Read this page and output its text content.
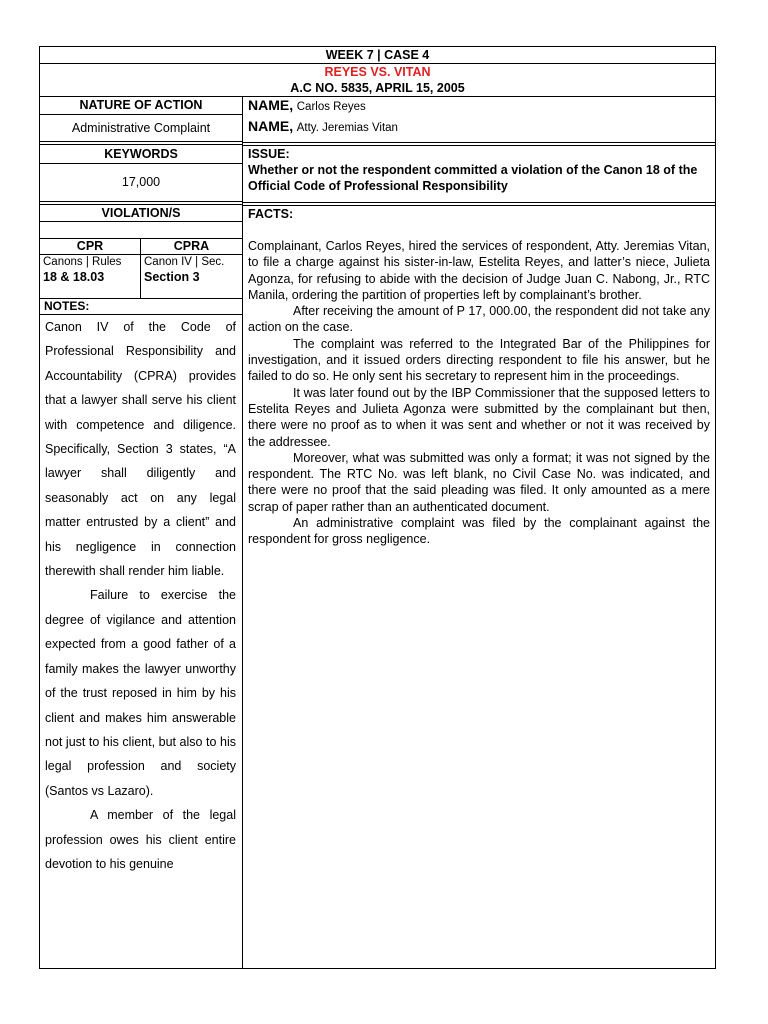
WEEK 7 | CASE 4
REYES VS. VITAN
A.C NO. 5835, APRIL 15, 2005
NATURE OF ACTION
Administrative Complaint
KEYWORDS
17,000
VIOLATION/S
CPR
Canons | Rules
18 & 18.03
CPRA
Canon IV | Sec.
Section 3
NOTES:

Canon IV of the Code of Professional Responsibility and Accountability (CPRA) provides that a lawyer shall serve his client with competence and diligence. Specifically, Section 3 states, “A lawyer shall diligently and seasonably act on any legal matter entrusted by a client” and his negligence in connection therewith shall render him liable.

Failure to exercise the degree of vigilance and attention expected from a good father of a family makes the lawyer unworthy of the trust reposed in him by his client and makes him answerable not just to his client, but also to his legal profession and society (Santos vs Lazaro).

A member of the legal profession owes his client entire devotion to his genuine

NAME, Carlos Reyes
NAME, Atty. Jeremias Vitan
ISSUE:
Whether or not the respondent committed a violation of the Canon 18 of the Official Code of Professional Responsibility
FACTS:

Complainant, Carlos Reyes, hired the services of respondent, Atty. Jeremias Vitan, to file a charge against his sister-in-law, Estelita Reyes, and latter’s niece, Julieta Agonza, for refusing to abide with the decision of Judge Juan C. Nabong, Jr., RTC Manila, ordering the partition of properties left by complainant’s brother.

After receiving the amount of P 17, 000.00, the respondent did not take any action on the case.

The complaint was referred to the Integrated Bar of the Philippines for investigation, and it issued orders directing respondent to file his answer, but he failed to do so. He only sent his secretary to represent him in the proceedings.

It was later found out by the IBP Commissioner that the supposed letters to Estelita Reyes and Julieta Agonza were submitted by the complainant but then, there were no proof as to when it was sent and whether or not it was received by the addressee.

Moreover, what was submitted was only a format; it was not signed by the respondent. The RTC No. was left blank, no Civil Case No. was indicated, and there were no proof that the said pleading was filed. It only amounted as a mere scrap of paper rather than an authenticated document.

An administrative complaint was filed by the complainant against the respondent for gross negligence.
